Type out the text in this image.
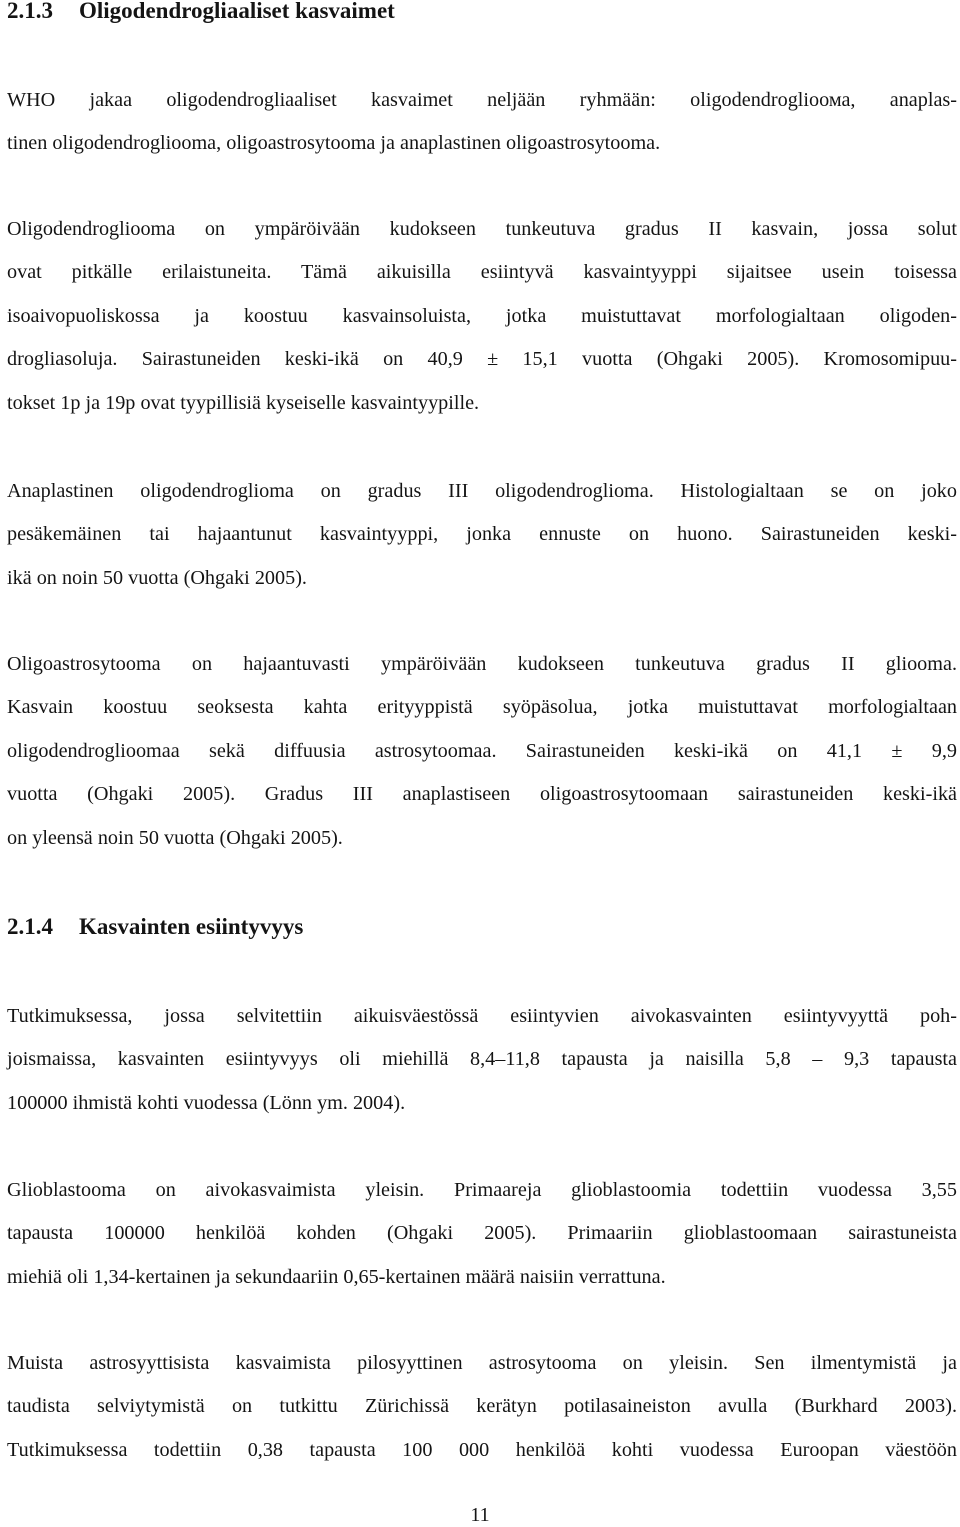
2.1.3 Oligodendrogliaaliset kasvaimet

WHO jakaa oligodendrogliaaliset kasvaimet neljään ryhmään: oligodendroglioома, anaplas-
tinen oligodendrogliooma, oligoastrosytooma ja anaplastinen oligoastrosytooma.

Oligodendrogliooma on ympäröivään kudokseen tunkeutuva gradus II kasvain, jossa solut
ovat pitkälle erilaistuneita. Tämä aikuisilla esiintyvä kasvaintyyppi sijaitsee usein toisessa
isoaivopuoliskossa ja koostuu kasvainsoluista, jotka muistuttavat morfologialtaan oligoden-
drogliasoluja. Sairastuneiden keski-ikä on 40,9 ± 15,1 vuotta (Ohgaki 2005). Kromosomipuu-
tokset 1p ja 19p ovat tyypillisiä kyseiselle kasvaintyypille.

Anaplastinen oligodendroglioma on gradus III oligodendroglioma. Histologialtaan se on joko
pesäkemäinen tai hajaantunut kasvaintyyppi, jonka ennuste on huono. Sairastuneiden keski-
ikä on noin 50 vuotta (Ohgaki 2005).

Oligoastrosytooma on hajaantuvasti ympäröivään kudokseen tunkeutuva gradus II glioоma.
Kasvain koostuu seoksesta kahta erityyppistä syöpäsolua, jotka muistuttavat morfologialtaan
oligodendroglioomaa sekä diffuusia astrosytoomaa. Sairastuneiden keski-ikä on 41,1 ± 9,9
vuotta (Ohgaki 2005). Gradus III anaplastiseen oligoastrosytoomaan sairastuneiden keski-ikä
on yleensä noin 50 vuotta (Ohgaki 2005).

2.1.4 Kasvainten esiintyvyys

Tutkimuksessa, jossa selvitettiin aikuisväestössä esiintyvien aivokasvainten esiintyvyyttä poh-
joismaissa, kasvainten esiintyvyys oli miehillä 8,4–11,8 tapausta ja naisilla 5,8 – 9,3 tapausta
100000 ihmistä kohti vuodessa (Lönn ym. 2004).

Glioblastooma on aivokasvaimista yleisin. Primaareja glioblastoomia todettiin vuodessa 3,55
tapausta 100000 henkilöä kohden (Ohgaki 2005). Primaariin glioblastoomaan sairastuneista
miehiä oli 1,34-kertainen ja sekundaariin 0,65-kertainen määrä naisiin verrattuna.

Muista astrosyyttisista kasvaimista pilosyyttinen astrosytooma on yleisin. Sen ilmentymistä ja
taudista selviytymistä on tutkittu Zürichissä kerätyn potilasaineiston avulla (Burkhard 2003).
Tutkimuksessa todettiin 0,38 tapausta 100 000 henkilöä kohti vuodessa Euroopan väestöön

11
